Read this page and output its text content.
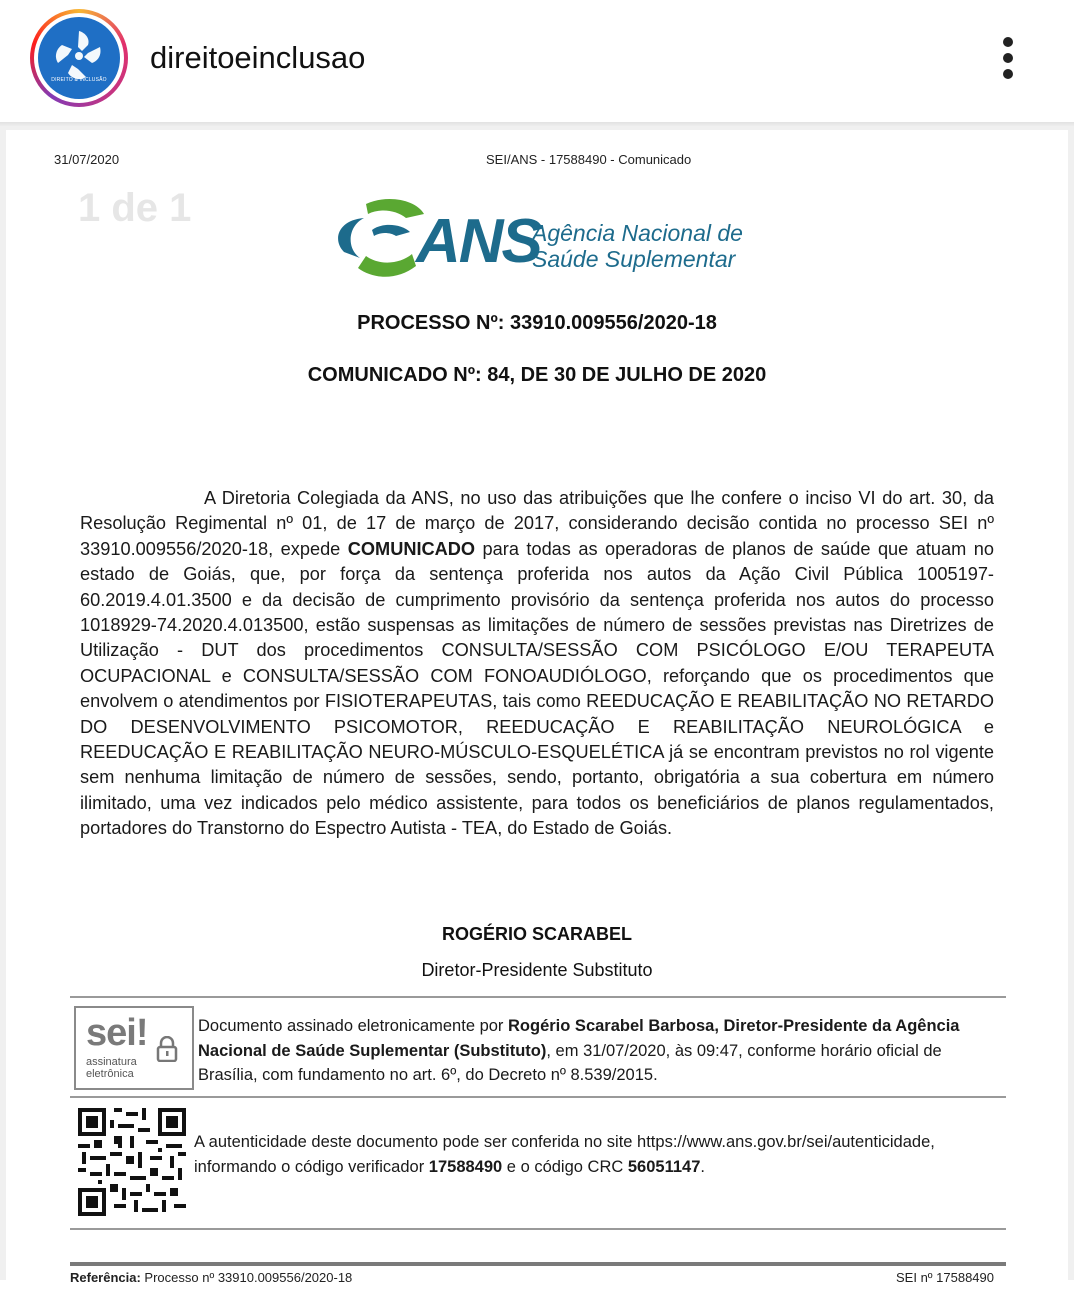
DIREITO & INCLUSÃO
direitoeinclusao
31/07/2020	SEI/ANS - 17588490 - Comunicado
1 de 1	ANS
Agência Nacional de
Saúde Suplementar
PROCESSO Nº: 33910.009556/2020-18
COMUNICADO Nº: 84, DE 30 DE JULHO DE 2020

A Diretoria Colegiada da ANS, no uso das atribuições que lhe confere o inciso VI do art. 30, da Resolução Regimental nº 01, de 17 de março de 2017, considerando decisão contida no processo SEI nº 33910.009556/2020-18, expede COMUNICADO para todas as operadoras de planos de saúde que atuam no estado de Goiás, que, por força da sentença proferida nos autos da Ação Civil Pública 1005197-60.2019.4.01.3500 e da decisão de cumprimento provisório da sentença proferida nos autos do processo 1018929-74.2020.4.013500, estão suspensas as limitações de número de sessões previstas nas Diretrizes de Utilização - DUT dos procedimentos CONSULTA/SESSÃO COM PSICÓLOGO E/OU TERAPEUTA OCUPACIONAL e CONSULTA/SESSÃO COM FONOAUDIÓLOGO, reforçando que os procedimentos que envolvem o atendimentos por FISIOTERAPEUTAS, tais como REEDUCAÇÃO E REABILITAÇÃO NO RETARDO DO DESENVOLVIMENTO PSICOMOTOR, REEDUCAÇÃO E REABILITAÇÃO NEUROLÓGICA e REEDUCAÇÃO E REABILITAÇÃO NEURO-MÚSCULO-ESQUELÉTICA já se encontram previstos no rol vigente sem nenhuma limitação de número de sessões, sendo, portanto, obrigatória a sua cobertura em número ilimitado, uma vez indicados pelo médico assistente, para todos os beneficiários de planos regulamentados, portadores do Transtorno do Espectro Autista - TEA, do Estado de Goiás.

ROGÉRIO SCARABEL
Diretor-Presidente Substituto
sei!
assinatura
eletrônica
Documento assinado eletronicamente por Rogério Scarabel Barbosa, Diretor-Presidente da Agência Nacional de Saúde Suplementar (Substituto), em 31/07/2020, às 09:47, conforme horário oficial de Brasília, com fundamento no art. 6º, do Decreto nº 8.539/2015.
A autenticidade deste documento pode ser conferida no site https://www.ans.gov.br/sei/autenticidade, informando o código verificador 17588490 e o código CRC 56051147.
Referência: Processo nº 33910.009556/2020-18	SEI nº 17588490
